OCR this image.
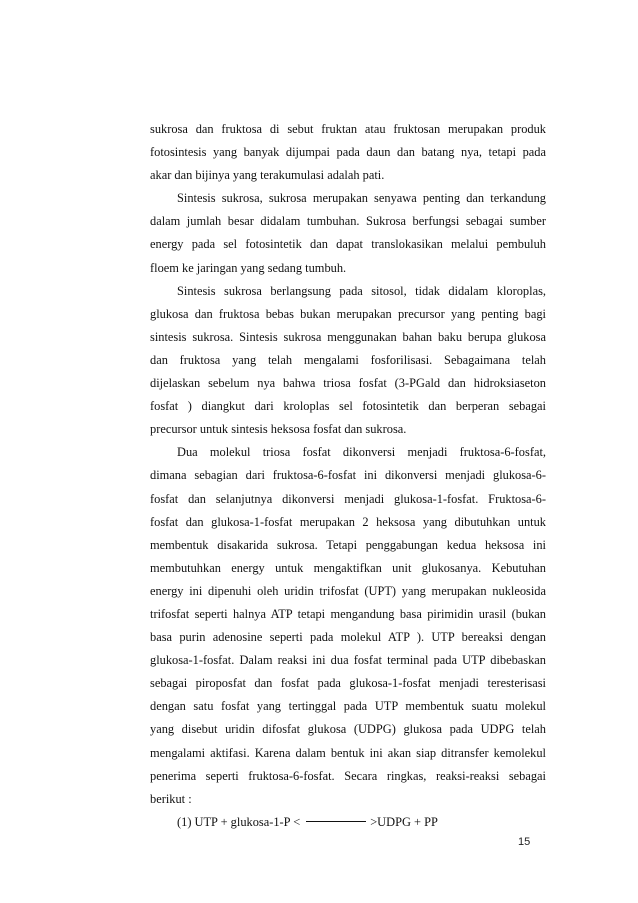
sukrosa dan fruktosa di sebut fruktan atau fruktosan merupakan produk
fotosintesis yang banyak dijumpai pada daun dan batang nya, tetapi pada
akar dan bijinya yang terakumulasi adalah pati.
Sintesis sukrosa, sukrosa merupakan senyawa penting dan terkandung
dalam jumlah besar didalam tumbuhan. Sukrosa berfungsi sebagai sumber
energy pada sel fotosintetik dan dapat translokasikan melalui pembuluh
floem ke jaringan yang sedang tumbuh.
Sintesis sukrosa berlangsung pada sitosol, tidak didalam kloroplas,
glukosa dan fruktosa bebas bukan merupakan precursor yang penting bagi
sintesis sukrosa. Sintesis sukrosa menggunakan bahan baku berupa glukosa
dan fruktosa yang telah mengalami fosforilisasi. Sebagaimana telah
dijelaskan sebelum nya bahwa triosa fosfat (3-PGald dan hidroksiaseton
fosfat ) diangkut dari kroloplas sel fotosintetik dan berperan sebagai
precursor untuk sintesis heksosa fosfat dan sukrosa.
Dua molekul triosa fosfat dikonversi menjadi fruktosa-6-fosfat,
dimana sebagian dari fruktosa-6-fosfat ini dikonversi menjadi glukosa-6-
fosfat dan selanjutnya dikonversi menjadi glukosa-1-fosfat. Fruktosa-6-
fosfat dan glukosa-1-fosfat merupakan 2 heksosa yang dibutuhkan untuk
membentuk disakarida sukrosa. Tetapi penggabungan kedua heksosa ini
membutuhkan energy untuk mengaktifkan unit glukosanya. Kebutuhan
energy ini dipenuhi oleh uridin trifosfat (UPT) yang merupakan nukleosida
trifosfat seperti halnya ATP tetapi mengandung basa pirimidin urasil (bukan
basa purin adenosine seperti pada molekul ATP ). UTP bereaksi dengan
glukosa-1-fosfat. Dalam reaksi ini dua fosfat terminal pada UTP dibebaskan
sebagai piroposfat dan fosfat pada glukosa-1-fosfat menjadi teresterisasi
dengan satu fosfat yang tertinggal pada UTP membentuk suatu molekul
yang disebut uridin difosfat glukosa (UDPG) glukosa pada UDPG telah
mengalami aktifasi. Karena dalam bentuk ini akan siap ditransfer kemolekul
penerima seperti fruktosa-6-fosfat. Secara ringkas, reaksi-reaksi sebagai
berikut :
(1) UTP + glukosa-1-P <	>UDPG + PP
15
